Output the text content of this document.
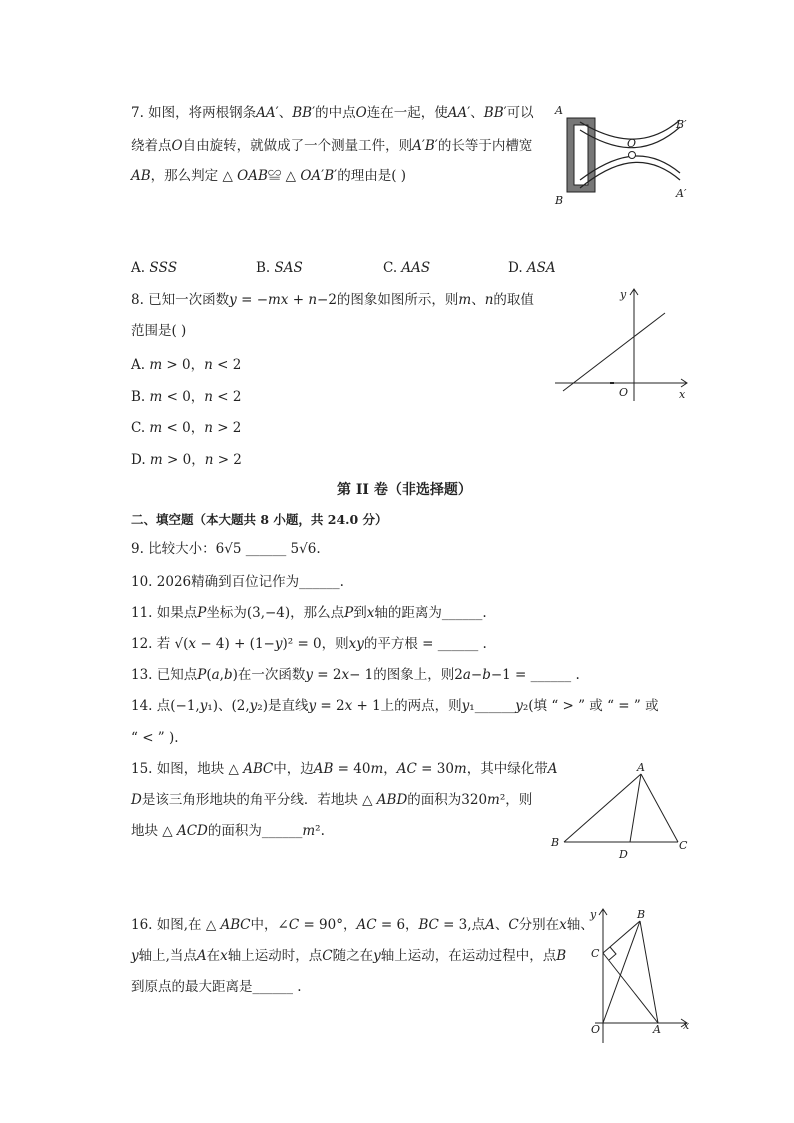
7. 如图，将两根钢条𝐴𝐴′、𝐵𝐵′的中点𝑂连在一起，使𝐴𝐴′、𝐵𝐵′可以
绕着点𝑂自由旋转，就做成了一个测量工件，则𝐴′𝐵′的长等于内槽宽
𝐴𝐵，那么判定 △ 𝑂𝐴𝐵≌ △ 𝑂𝐴′𝐵′的理由是( )
A
B
O
B′
A′
A. 𝑆𝑆𝑆	B. 𝑆𝐴𝑆	C. 𝐴𝐴𝑆	D. 𝐴𝑆𝐴
8. 已知一次函数𝑦 = −𝑚𝑥 + 𝑛−2的图象如图所示，则𝑚、𝑛的取值
范围是( )
A. 𝑚 > 0，𝑛 < 2
B. 𝑚 < 0，𝑛 < 2
C. 𝑚 < 0，𝑛 > 2
D. 𝑚 > 0，𝑛 > 2
y
O	x
第 II 卷（非选择题）
二、填空题（本大题共 8 小题，共 24.0 分）
9. 比较大小：6√5 ______ 5√6.
10. 2026精确到百位记作为______.
11. 如果点𝑃坐标为(3,−4)，那么点𝑃到𝑥轴的距离为______.
12. 若 √(𝑥 − 4) + (1−𝑦)² = 0，则𝑥𝑦的平方根 = ______ .
13. 已知点𝑃(𝑎,𝑏)在一次函数𝑦 = 2𝑥− 1的图象上，则2𝑎−𝑏−1 = ______ .
14. 点(−1,𝑦₁)、(2,𝑦₂)是直线𝑦 = 2𝑥 + 1上的两点，则𝑦₁______𝑦₂(填 “ > ” 或 “ = ” 或
“ < ” ).
15. 如图，地块 △ 𝐴𝐵𝐶中，边𝐴𝐵 = 40𝑚，𝐴𝐶 = 30𝑚，其中绿化带𝐴
𝐷是该三角形地块的角平分线．若地块 △ 𝐴𝐵𝐷的面积为320𝑚²，则
地块 △ 𝐴𝐶𝐷的面积为______𝑚².
A
B	C
D
16. 如图,在 △ 𝐴𝐵𝐶中，∠𝐶 = 90°，𝐴𝐶 = 6，𝐵𝐶 = 3,点𝐴、𝐶分别在𝑥轴、
𝑦轴上,当点𝐴在𝑥轴上运动时，点𝐶随之在𝑦轴上运动，在运动过程中，点𝐵
到原点的最大距离是______ .
y	B
C
O	A x
